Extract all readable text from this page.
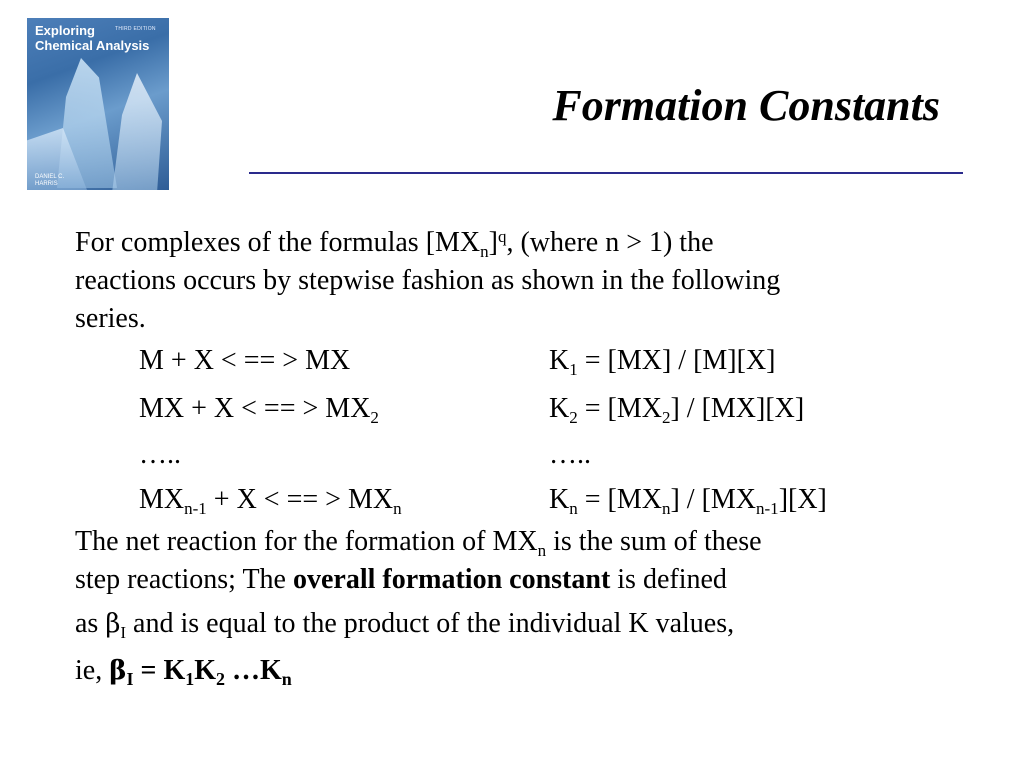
Exploring
Chemical Analysis

THIRD EDITION
DANIEL C.
HARRIS
Formation Constants

For complexes of the formulas $[MX_n]^q$, (where n > 1) the

reactions occurs by stepwise fashion as shown in the following

series.

M + X < == > MX	$K_1 = [MX] / [M][X]$
MX + X < == > $MX_2$	$K_2 = [MX_2] / [MX][X]$
…..	…..
$MX_{n-1} + X$ < == > $MX_n$	$K_n = [MX_n] / [MX_{n-1}][X]$

The net reaction for the formation of $MX_n$ is the sum of these

step reactions; The overall formation constant is defined

as $\beta_I$ and is equal to the product of the individual K values,

ie, $\beta_I = K_1K_2$ $\dots K_n$
